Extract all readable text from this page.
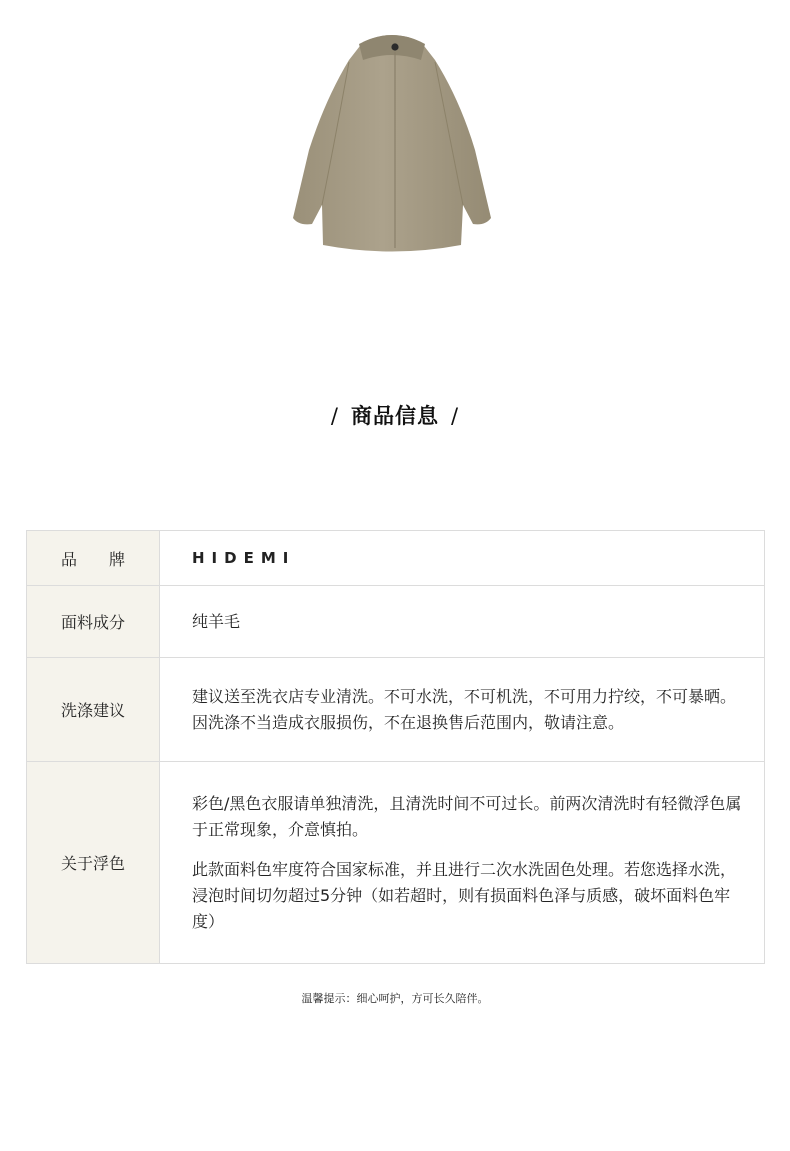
/ 商品信息 /
品　　牌	HIDEMI
面料成分	纯羊毛
洗涤建议	建议送至洗衣店专业清洗。不可水洗，不可机洗，不可用力拧绞，不可暴晒。因洗涤不当造成衣服损伤，不在退换售后范围内，敬请注意。
关于浮色	彩色/黑色衣服请单独清洗，且清洗时间不可过长。前两次清洗时有轻微浮色属于正常现象，介意慎拍。
此款面料色牢度符合国家标准，并且进行二次水洗固色处理。若您选择水洗，浸泡时间切勿超过5分钟（如若超时，则有损面料色泽与质感，破坏面料色牢度）
温馨提示：细心呵护，方可长久陪伴。
